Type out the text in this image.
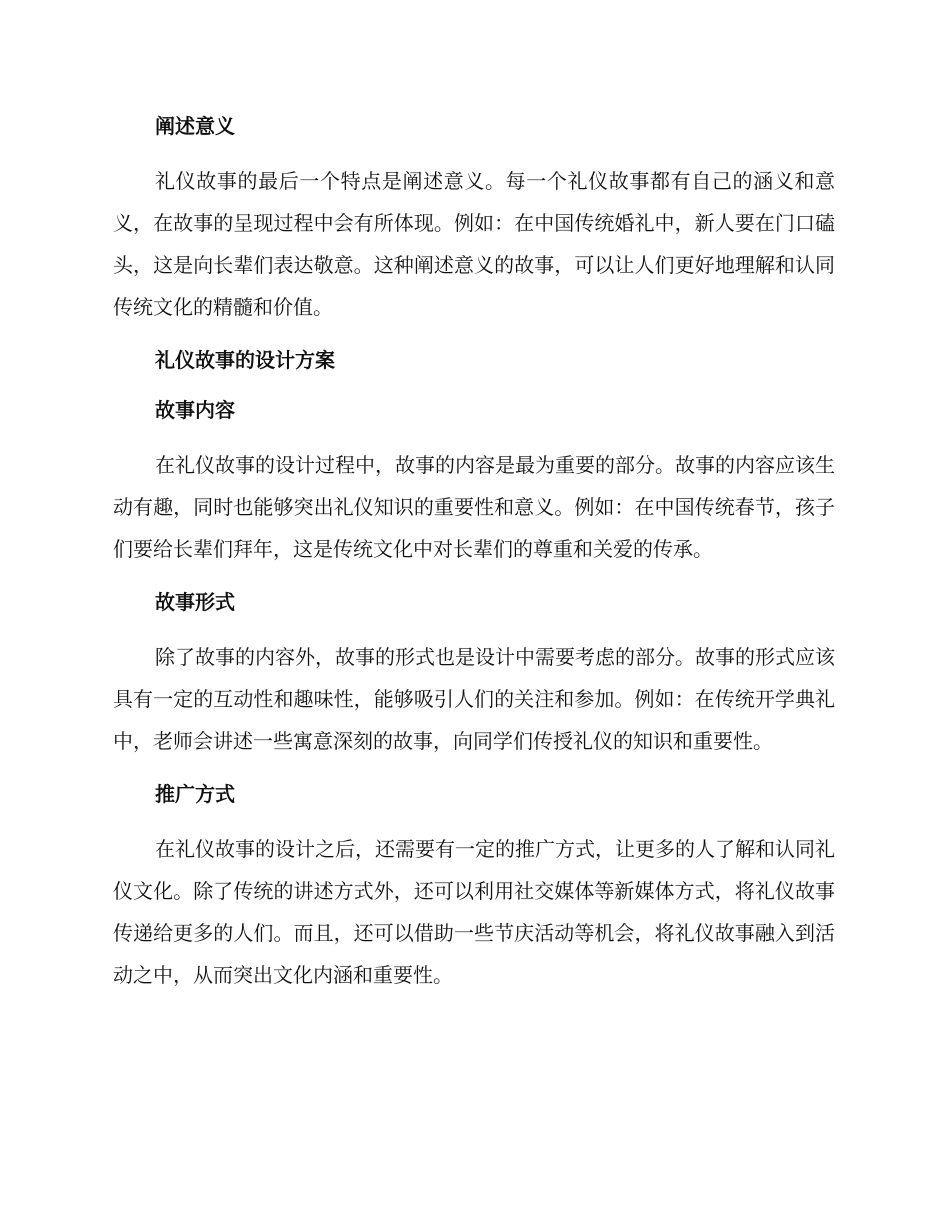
阐述意义

礼仪故事的最后一个特点是阐述意义。每一个礼仪故事都有自己的涵义和意义，在故事的呈现过程中会有所体现。例如：在中国传统婚礼中，新人要在门口磕头，这是向长辈们表达敬意。这种阐述意义的故事，可以让人们更好地理解和认同传统文化的精髓和价值。

礼仪故事的设计方案
故事内容

在礼仪故事的设计过程中，故事的内容是最为重要的部分。故事的内容应该生动有趣，同时也能够突出礼仪知识的重要性和意义。例如：在中国传统春节，孩子们要给长辈们拜年，这是传统文化中对长辈们的尊重和关爱的传承。

故事形式

除了故事的内容外，故事的形式也是设计中需要考虑的部分。故事的形式应该具有一定的互动性和趣味性，能够吸引人们的关注和参加。例如：在传统开学典礼中，老师会讲述一些寓意深刻的故事，向同学们传授礼仪的知识和重要性。

推广方式

在礼仪故事的设计之后，还需要有一定的推广方式，让更多的人了解和认同礼仪文化。除了传统的讲述方式外，还可以利用社交媒体等新媒体方式，将礼仪故事传递给更多的人们。而且，还可以借助一些节庆活动等机会，将礼仪故事融入到活动之中，从而突出文化内涵和重要性。
